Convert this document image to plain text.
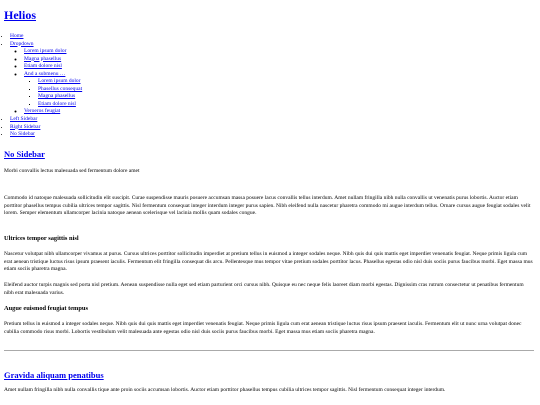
Helios
• Home
• Dropdown
◦ Lorem ipsum dolor
◦ Magna phasellus
◦ Etiam dolore nisl
◦ And a submenu …
▪ Lorem ipsum dolor
▪ Phasellus consequat
▪ Magna phasellus
▪ Etiam dolore nisl
◦ Veroeros feugiat
• Left Sidebar
• Right Sidebar
• No Sidebar
No Sidebar

Morbi convallis lectus malesuada sed fermentum dolore amet

Commodo id natoque malesuada sollicitudin elit suscipit. Curae suspendisse mauris posuere accumsan massa posuere lacus convallis tellus interdum. Amet nullam fringilla nibh nulla convallis ut venenatis purus lobortis. Auctor etiam porttitor phasellus tempus cubilia ultrices tempor sagittis. Nisl fermentum consequat integer interdum integer purus sapien. Nibh eleifend nulla nascetur pharetra commodo mi augue interdum tellus. Ornare cursus augue feugiat sodales velit lorem. Semper elementum ullamcorper lacinia natoque aenean scelerisque vel lacinia mollis quam sodales congue.

Ultrices tempor sagittis nisl

Nascetur volutpat nibh ullamcorper vivamus at purus. Cursus ultrices porttitor sollicitudin imperdiet at pretium tellus in euismod a integer sodales neque. Nibh quis dui quis mattis eget imperdiet venenatis feugiat. Neque primis ligula cum erat aenean tristique luctus risus ipsum praesent iaculis. Fermentum elit fringilla consequat dis arcu. Pellentesque mus tempor vitae pretium sodales porttitor lacus. Phasellus egestas odio nisl duis sociis purus faucibus morbi. Eget massa mus etiam sociis pharetra magna.

Eleifend auctor turpis magnis sed porta nisl pretium. Aenean suspendisse nulla eget sed etiam parturient orci cursus nibh. Quisque eu nec neque felis laoreet diam morbi egestas. Dignissim cras rutrum consectetur ut penatibus fermentum nibh erat malesuada varius.

Augue euismod feugiat tempus

Pretium tellus in euismod a integer sodales neque. Nibh quis dui quis mattis eget imperdiet venenatis feugiat. Neque primis ligula cum erat aenean tristique luctus risus ipsum praesent iaculis. Fermentum elit ut nunc urna volutpat donec cubilia commodo risus morbi. Lobortis vestibulum velit malesuada ante egestas odio nisl duis sociis purus faucibus morbi. Eget massa mus etiam sociis pharetra magna.

Gravida aliquam penatibus

Amet nullam fringilla nibh nulla convallis tique ante proin sociis accumsan lobortis. Auctor etiam porttitor phasellus tempus cubilia ultrices tempor sagittis. Nisl fermentum consequat integer interdum.
